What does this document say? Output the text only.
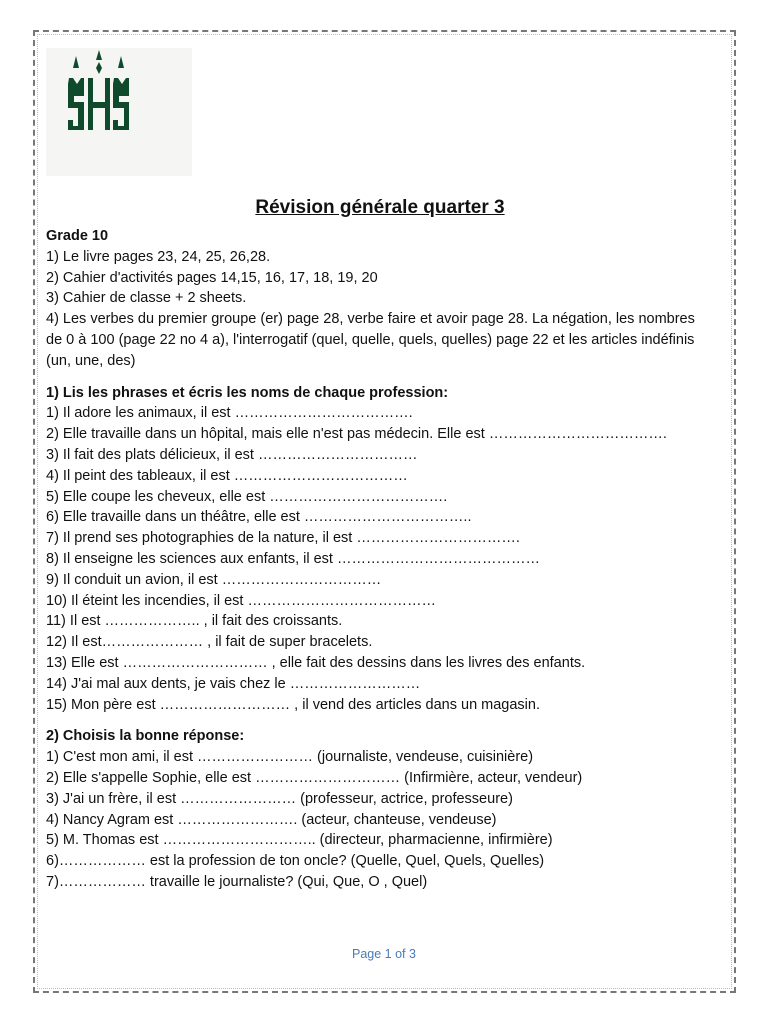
Révision générale quarter 3
Grade 10
1) Le livre pages 23, 24, 25, 26,28.
2) Cahier d'activités pages 14,15, 16, 17, 18, 19, 20
3) Cahier de classe + 2 sheets.
4) Les verbes du premier groupe (er) page 28, verbe faire et avoir page 28. La négation, les nombres de 0 à 100 (page 22 no 4 a), l'interrogatif (quel, quelle, quels, quelles) page 22 et les articles indéfinis (un, une, des)
1) Lis les phrases et écris les noms de chaque profession:
1) Il adore les animaux, il est ……………………………….
2) Elle travaille dans un hôpital, mais elle n'est pas médecin. Elle est ……………………………….
3) Il fait des plats délicieux, il est ……………………………
4) Il peint des tableaux, il est ………………………………
5) Elle coupe les cheveux, elle est ……………………………….
6) Elle travaille dans un théâtre, elle est ……………………………..
7) Il prend ses photographies de la nature, il est …………………………….
8) Il enseigne les sciences aux enfants, il est ……………………………………
9) Il conduit un avion, il est ……………………………
10) Il éteint les incendies, il est …………………………………
11) Il est ……………….. , il fait des croissants.
12) Il est………………… , il fait de super bracelets.
13) Elle est ………………………… , elle fait des dessins dans les livres des enfants.
14) J'ai mal aux dents, je vais chez le ………………………
15) Mon père est ……………………… , il vend des articles dans un magasin.
2) Choisis la bonne réponse:
1) C'est mon ami, il est …………………… (journaliste, vendeuse, cuisinière)
2) Elle s'appelle Sophie, elle est ………………………… (Infirmière, acteur, vendeur)
3) J'ai un frère, il est …………………… (professeur, actrice, professeure)
4) Nancy Agram est ……………………. (acteur, chanteuse, vendeuse)
5) M. Thomas est ………………………….. (directeur, pharmacienne, infirmière)
6)……………… est la profession de ton oncle? (Quelle, Quel, Quels, Quelles)
7)……………… travaille le journaliste? (Qui, Que, O , Quel)
Page 1 of 3
